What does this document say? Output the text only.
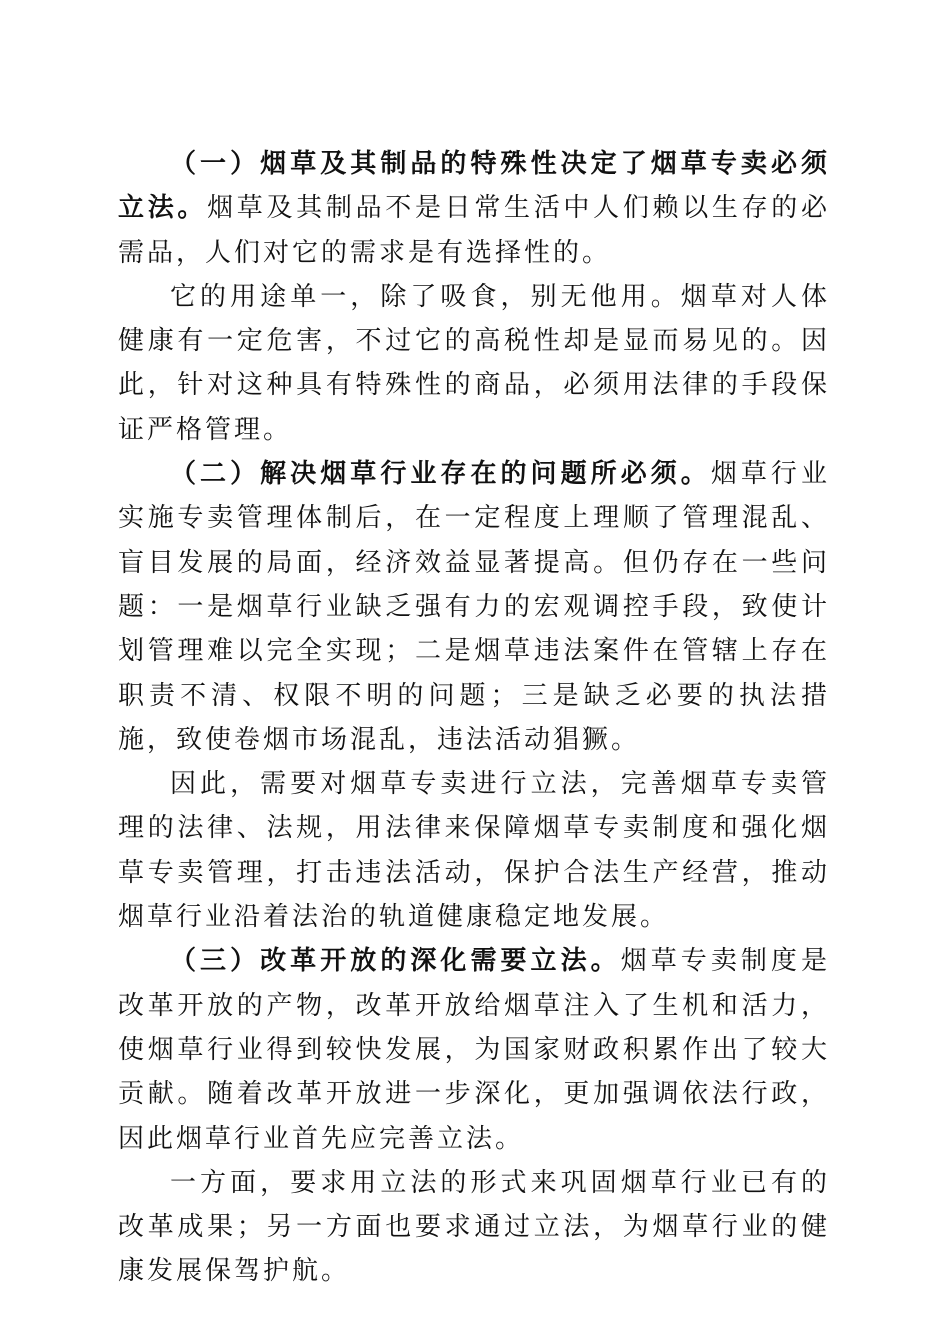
（一）烟草及其制品的特殊性决定了烟草专卖必须立法。烟草及其制品不是日常生活中人们赖以生存的必需品，人们对它的需求是有选择性的。

它的用途单一，除了吸食，别无他用。烟草对人体健康有一定危害，不过它的高税性却是显而易见的。因此，针对这种具有特殊性的商品，必须用法律的手段保证严格管理。

（二）解决烟草行业存在的问题所必须。烟草行业实施专卖管理体制后，在一定程度上理顺了管理混乱、盲目发展的局面，经济效益显著提高。但仍存在一些问题：一是烟草行业缺乏强有力的宏观调控手段，致使计划管理难以完全实现；二是烟草违法案件在管辖上存在职责不清、权限不明的问题；三是缺乏必要的执法措施，致使卷烟市场混乱，违法活动猖獗。

因此，需要对烟草专卖进行立法，完善烟草专卖管理的法律、法规，用法律来保障烟草专卖制度和强化烟草专卖管理，打击违法活动，保护合法生产经营，推动烟草行业沿着法治的轨道健康稳定地发展。

（三）改革开放的深化需要立法。烟草专卖制度是改革开放的产物，改革开放给烟草注入了生机和活力，使烟草行业得到较快发展，为国家财政积累作出了较大贡献。随着改革开放进一步深化，更加强调依法行政，因此烟草行业首先应完善立法。

一方面，要求用立法的形式来巩固烟草行业已有的改革成果；另一方面也要求通过立法，为烟草行业的健康发展保驾护航。
